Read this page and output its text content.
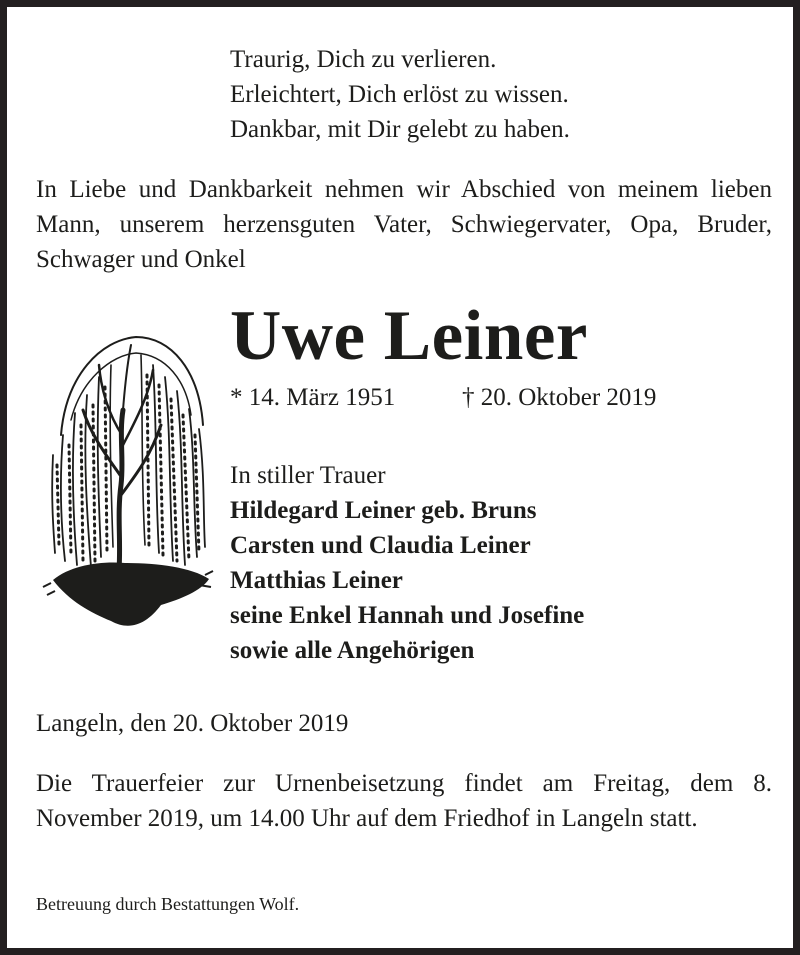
Traurig, Dich zu verlieren.
Erleichtert, Dich erlöst zu wissen.
Dankbar, mit Dir gelebt zu haben.
In Liebe und Dankbarkeit nehmen wir Abschied von meinem lieben Mann, unserem herzensguten Vater, Schwiegervater, Opa, Bruder, Schwager und Onkel
Uwe Leiner
* 14. März 1951	† 20. Oktober 2019
In stiller Trauer
Hildegard Leiner geb. Bruns
Carsten und Claudia Leiner
Matthias Leiner
seine Enkel Hannah und Josefine
sowie alle Angehörigen
Langeln, den 20. Oktober 2019
Die Trauerfeier zur Urnenbeisetzung findet am Freitag, dem 8. November 2019, um 14.00 Uhr auf dem Friedhof in Langeln statt.
Betreuung durch Bestattungen Wolf.
